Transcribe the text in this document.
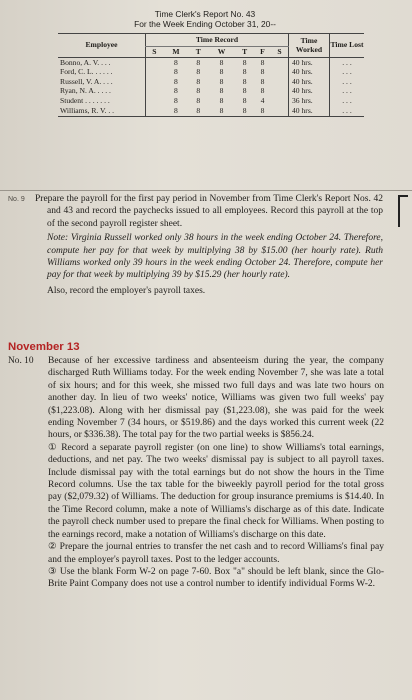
Time Clerk's Report No. 43
For the Week Ending October 31, 20--
Employee	Time Record							Time Worked	Time Lost
	S	M	T	W	T	F	S		
Bonno, A. V. . . .		8	8	8	8	8		40 hrs.	. . .
Ford, C. L. . . . . .		8	8	8	8	8		40 hrs.	. . .
Russell, V. A. . . .		8	8	8	8	8		40 hrs.	. . .
Ryan, N. A. . . . .		8	8	8	8	8		40 hrs.	. . .
Student . . . . . . .		8	8	8	8	4		36 hrs.	. . .
Williams, R. V. . .		8	8	8	8	8		40 hrs.	. . .
No. 9 Prepare the payroll for the first pay period in November from Time Clerk's Report Nos. 42 and 43 and record the paychecks issued to all employees. Record this payroll at the top of the second payroll register sheet.

Note: Virginia Russell worked only 38 hours in the week ending October 24. Therefore, compute her pay for that week by multiplying 38 by $15.00 (her hourly rate). Ruth Williams worked only 39 hours in the week ending October 24. Therefore, compute her pay for that week by multiplying 39 by $15.29 (her hourly rate).

Also, record the employer's payroll taxes.

November 13
No. 10 Because of her excessive tardiness and absenteeism during the year, the company discharged Ruth Williams today. For the week ending November 7, she was late a total of six hours; and for this week, she missed two full days and was late two hours on another day. In lieu of two weeks' notice, Williams was given two full weeks' pay ($1,223.08). Along with her dismissal pay ($1,223.08), she was paid for the week ending November 7 (34 hours, or $519.86) and the days worked this current week (22 hours, or $336.38). The total pay for the two partial weeks is $856.24.

① Record a separate payroll register (on one line) to show Williams's total earnings, deductions, and net pay. The two weeks' dismissal pay is subject to all payroll taxes. Include dismissal pay with the total earnings but do not show the hours in the Time Record columns. Use the tax table for the biweekly payroll period for the total gross pay ($2,079.32) of Williams. The deduction for group insurance premiums is $14.40. In the Time Record column, make a note of Williams's discharge as of this date. Indicate the payroll check number used to prepare the final check for Williams. When posting to the earnings record, make a notation of Williams's discharge on this date.

② Prepare the journal entries to transfer the net cash and to record Williams's final pay and the employer's payroll taxes. Post to the ledger accounts.

③ Use the blank Form W-2 on page 7-60. Box "a" should be left blank, since the Glo-Brite Paint Company does not use a control number to identify individual Forms W-2.
